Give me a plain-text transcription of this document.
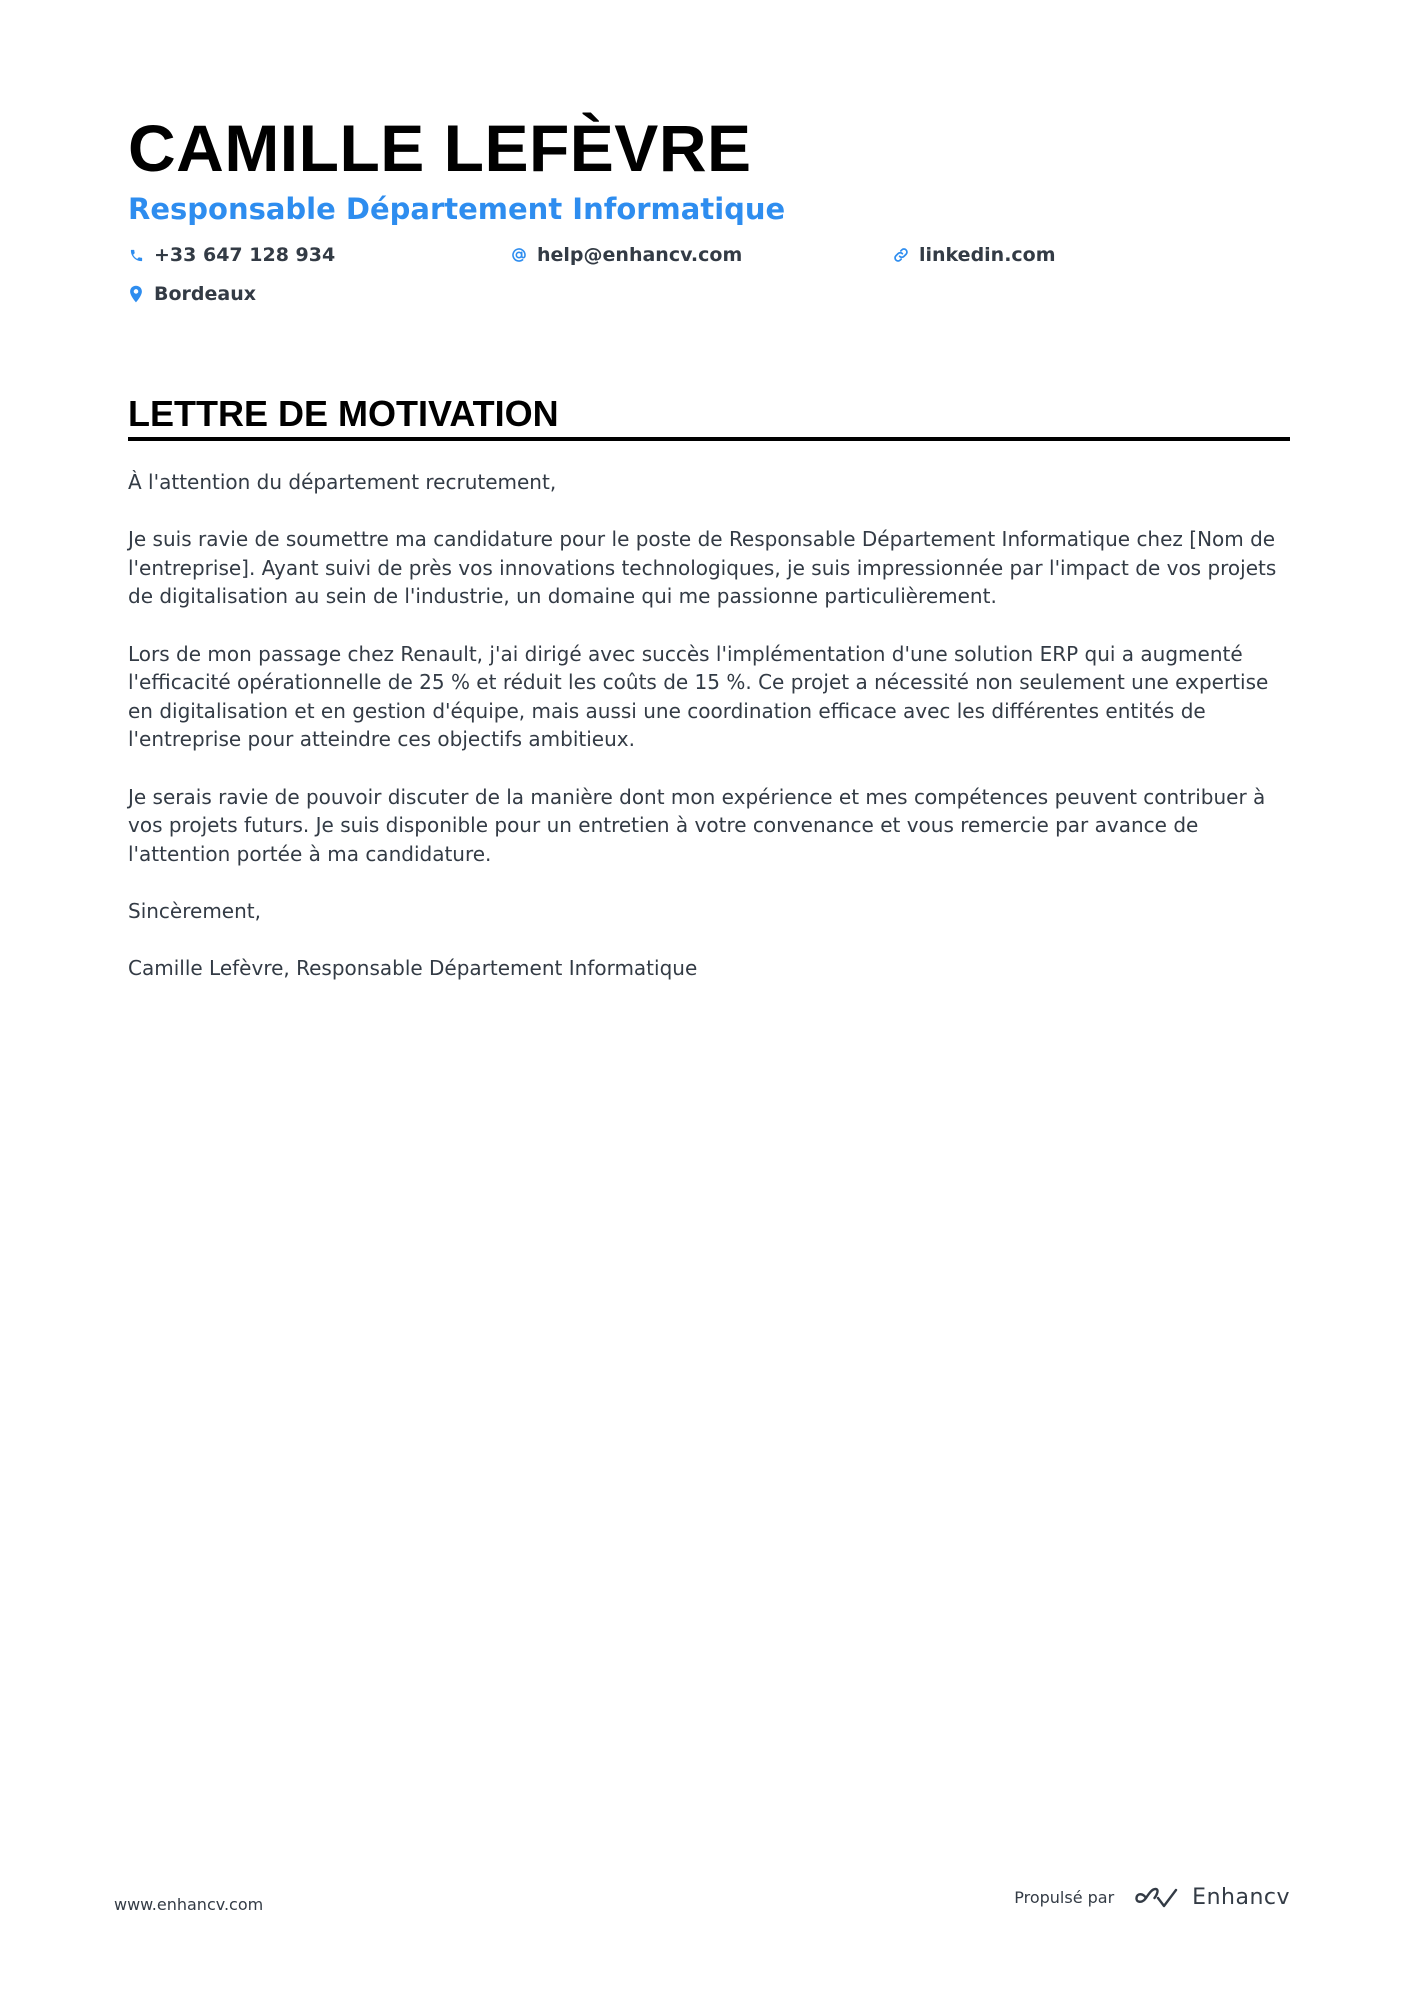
CAMILLE LEFÈVRE
Responsable Département Informatique
+33 647 128 934	help@enhancv.com	linkedin.com
Bordeaux
LETTRE DE MOTIVATION

À l'attention du département recrutement,

Je suis ravie de soumettre ma candidature pour le poste de Responsable Département Informatique chez [Nom de l'entreprise]. Ayant suivi de près vos innovations technologiques, je suis impressionnée par l'impact de vos projets de digitalisation au sein de l'industrie, un domaine qui me passionne particulièrement.

Lors de mon passage chez Renault, j'ai dirigé avec succès l'implémentation d'une solution ERP qui a augmenté l'efficacité opérationnelle de 25 % et réduit les coûts de 15 %. Ce projet a nécessité non seulement une expertise en digitalisation et en gestion d'équipe, mais aussi une coordination efficace avec les différentes entités de l'entreprise pour atteindre ces objectifs ambitieux.

Je serais ravie de pouvoir discuter de la manière dont mon expérience et mes compétences peuvent contribuer à vos projets futurs. Je suis disponible pour un entretien à votre convenance et vous remercie par avance de l'attention portée à ma candidature.

Sincèrement,

Camille Lefèvre, Responsable Département Informatique

www.enhancv.com	Propulsé par	Enhancv
